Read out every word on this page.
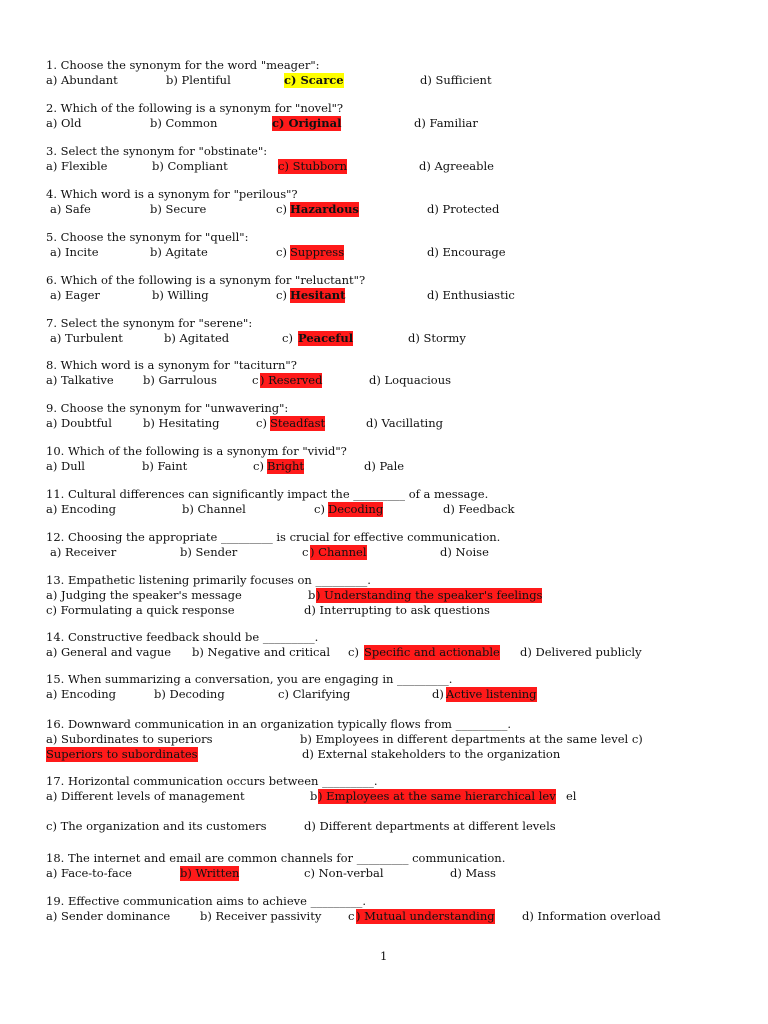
1. Choose the synonym for the word "meager":
a) Abundant	b) Plentiful	c) Scarce	d) Sufficient
2. Which of the following is a synonym for "novel"?
a) Old	b) Common	c) Original	d) Familiar
3. Select the synonym for "obstinate":
a) Flexible	b) Compliant	c) Stubborn	d) Agreeable
4. Which word is a synonym for "perilous"?
a) Safe	b) Secure	c) Hazardous	d) Protected
5. Choose the synonym for "quell":
a) Incite	b) Agitate	c) Suppress	d) Encourage
6. Which of the following is a synonym for "reluctant"?
a) Eager	b) Willing	c) Hesitant	d) Enthusiastic
7. Select the synonym for "serene":
a) Turbulent	b) Agitated	c) Peaceful	d) Stormy
8. Which word is a synonym for "taciturn"?
a) Talkative	b) Garrulous	c ) Reserved	d) Loquacious
9. Choose the synonym for "unwavering":
a) Doubtful	b) Hesitating	c) Steadfast	d) Vacillating
10. Which of the following is a synonym for "vivid"?
a) Dull	b) Faint	c) Bright	d) Pale
11. Cultural differences can significantly impact the _________ of a message.
a) Encoding	b) Channel	c) Decoding	d) Feedback
12. Choosing the appropriate _________ is crucial for effective communication.
a) Receiver	b) Sender	c ) Channel	d) Noise
13. Empathetic listening primarily focuses on _________.
a) Judging the speaker's message	b ) Understanding the speaker's feelings
c) Formulating a quick response	d) Interrupting to ask questions
14. Constructive feedback should be _________.
a) General and vague b) Negative and critical c) Specific and actionable d) Delivered publicly
15. When summarizing a conversation, you are engaging in _________.
a) Encoding	b) Decoding	c) Clarifying	d) Active listening
16. Downward communication in an organization typically flows from _________.
a) Subordinates to superiors	b) Employees in different departments at the same level c)
Superiors to subordinates	d) External stakeholders to the organization
17. Horizontal communication occurs between _________.
a) Different levels of management	b ) Employees at the same hierarchical lev el
c) The organization and its customers	d) Different departments at different levels
18. The internet and email are common channels for _________ communication.
a) Face-to-face	b) Written	c) Non-verbal	d) Mass
19. Effective communication aims to achieve _________.
a) Sender dominance	b) Receiver passivity c ) Mutual understanding d) Information overload
1
